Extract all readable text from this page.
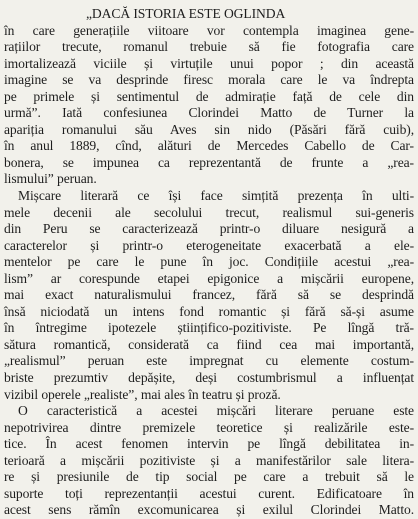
„DACĂ ISTORIA ESTE OGLINDA
în care generațiile viitoare vor contempla imaginea gene-
rațiilor trecute, romanul trebuie să fie fotografia care
imortalizează viciile și virtuțile unui popor ; din această
imagine se va desprinde firesc morala care le va îndrepta
pe primele și sentimentul de admirație față de cele din
urmă”. Iată confesiunea Clorindei Matto de Turner la
apariția romanului său Aves sin nido (Păsări fără cuib),
în anul 1889, cînd, alături de Mercedes Cabello de Car-
bonera, se impunea ca reprezentantă de frunte a „rea-
lismului” peruan.
Mișcare literară ce își face simțită prezența în ulti-
mele decenii ale secolului trecut, realismul sui-generis
din Peru se caracterizează printr-o diluare nesigură a
caracterelor și printr-o eterogeneitate exacerbată a ele-
mentelor pe care le pune în joc. Condițiile acestui „rea-
lism” ar corespunde etapei epigonice a mișcării europene,
mai exact naturalismului francez, fără să se desprindă
însă niciodată un intens fond romantic și fără să-și asume
în întregime ipotezele științifico-pozitiviste. Pe lîngă tră-
sătura romantică, considerată ca fiind cea mai importantă,
„realismul” peruan este impregnat cu elemente costum-
briste prezumtiv depășite, deși costumbrismul a influențat
vizibil operele „realiste”, mai ales în teatru și proză.
O caracteristică a acestei mișcări literare peruane este
nepotrivirea dintre premizele teoretice și realizările este-
tice. În acest fenomen intervin pe lîngă debilitatea in-
terioară a mișcării pozitiviste și a manifestărilor sale litera-
re și presiunile de tip social pe care a trebuit să le
suporte toți reprezentanții acestui curent. Edificatoare în
acest sens rămîn excomunicarea și exilul Clorindei Matto.
